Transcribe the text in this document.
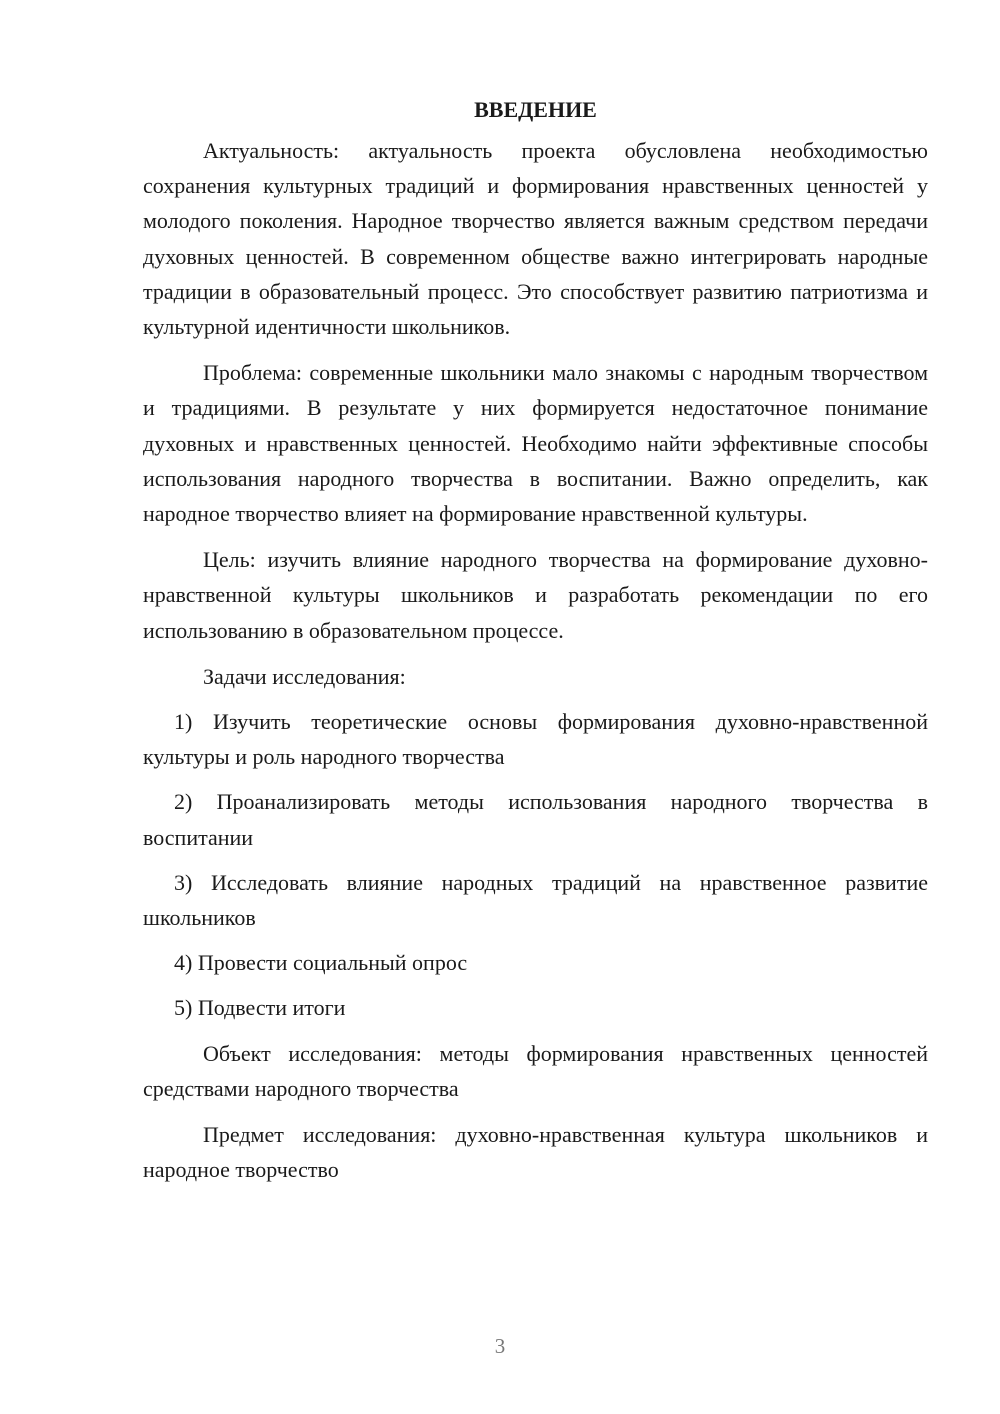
ВВЕДЕНИЕ

Актуальность: актуальность проекта обусловлена необходимостью сохранения культурных традиций и формирования нравственных ценностей у молодого поколения. Народное творчество является важным средством передачи духовных ценностей. В современном обществе важно интегрировать народные традиции в образовательный процесс. Это способствует развитию патриотизма и культурной идентичности школьников.

Проблема: современные школьники мало знакомы с народным творчеством и традициями. В результате у них формируется недостаточное понимание духовных и нравственных ценностей. Необходимо найти эффективные способы использования народного творчества в воспитании. Важно определить, как народное творчество влияет на формирование нравственной культуры.

Цель: изучить влияние народного творчества на формирование духовно-нравственной культуры школьников и разработать рекомендации по его использованию в образовательном процессе.

Задачи исследования:

1) Изучить теоретические основы формирования духовно-нравственной культуры и роль народного творчества

2) Проанализировать методы использования народного творчества в воспитании

3) Исследовать влияние народных традиций на нравственное развитие школьников

4) Провести социальный опрос

5) Подвести итоги

Объект исследования: методы формирования нравственных ценностей средствами народного творчества

Предмет исследования: духовно-нравственная культура школьников и народное творчество

3
